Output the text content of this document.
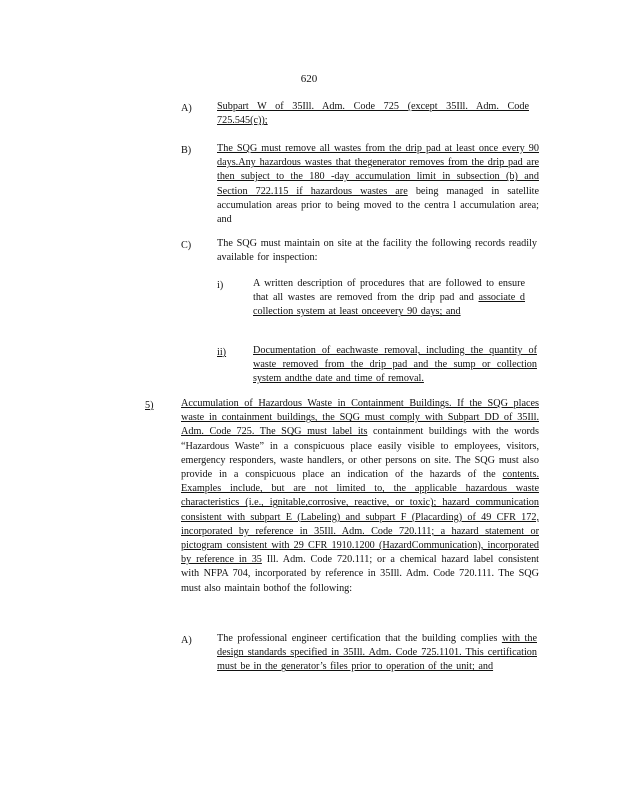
620
A) Subpart W of 35Ill. Adm. Code 725 (except 35Ill. Adm. Code 725.545(c));
B)	The SQG must remove all wastes from the drip pad at least once every 90 days.Any hazardous wastes that thegenerator removes from the drip pad are then subject to the 180 -day accumulation limit in subsection (b) and Section 722.115 if hazardous wastes are being managed in satellite accumulation areas prior to being moved to the centra l accumulation area; and
C)	The SQG must maintain on site at the facility the following records readily available for inspection:
i)	A written description of procedures that are followed to ensure that all wastes are removed from the drip pad and associate d collection system at least onceevery 90 days; and
ii)	Documentation of eachwaste removal, including the quantity of waste removed from the drip pad and the sump or collection system andthe date and time of removal.
5)	Accumulation of Hazardous Waste in Containment Buildings. If the SQG places waste in containment buildings, the SQG must comply with Subpart DD of 35Ill. Adm. Code 725. The SQG must label its containment buildings with the words “Hazardous Waste” in a conspicuous place easily visible to employees, visitors, emergency responders, waste handlers, or other persons on site. The SQG must also provide in a conspicuous place an indication of the hazards of the contents. Examples include, but are not limited to, the applicable hazardous waste characteristics (i.e., ignitable,corrosive, reactive, or toxic); hazard communication consistent with subpart E (Labeling) and subpart F (Placarding) of 49 CFR 172, incorporated by reference in 35Ill. Adm. Code 720.111; a hazard statement or pictogram consistent with 29 CFR 1910.1200 (HazardCommunication), incorporated by reference in 35 Ill. Adm. Code 720.111; or a chemical hazard label consistent with NFPA 704, incorporated by reference in 35Ill. Adm. Code 720.111. The SQG must also maintain bothof the following:
A) The professional engineer certification that the building complies with the design standards specified in 35Ill. Adm. Code 725.1101. This certification must be in the generator’s files prior to operation of the unit; and
